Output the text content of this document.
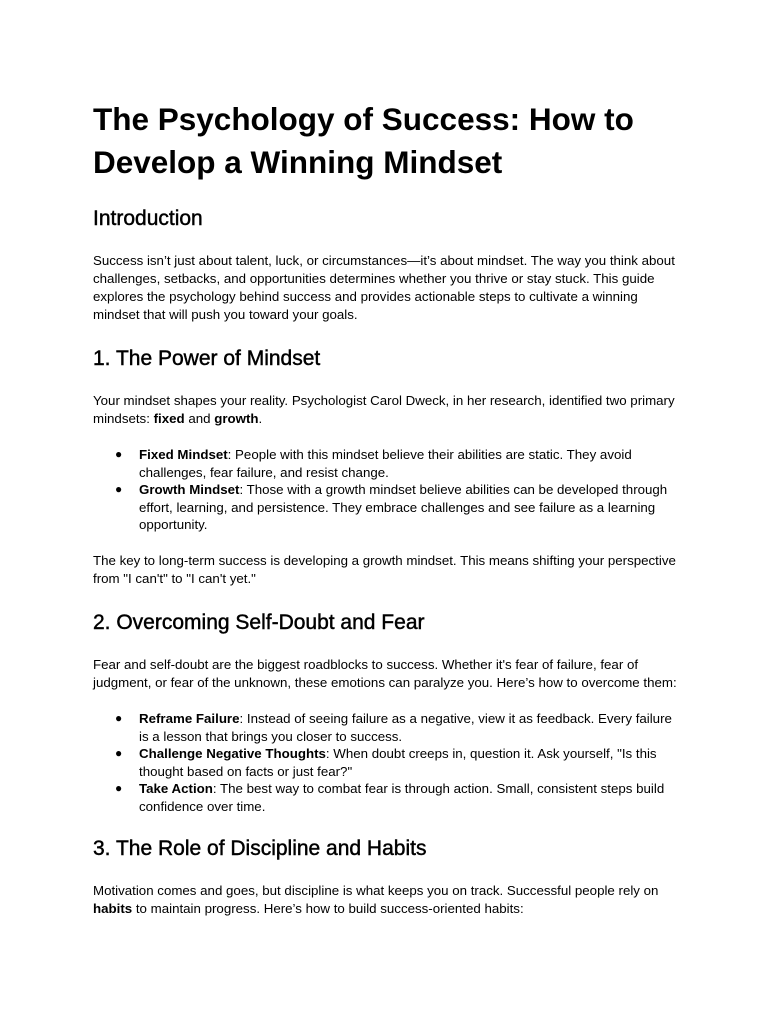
The Psychology of Success: How to Develop a Winning Mindset
Introduction

Success isn’t just about talent, luck, or circumstances—it’s about mindset. The way you think about challenges, setbacks, and opportunities determines whether you thrive or stay stuck. This guide explores the psychology behind success and provides actionable steps to cultivate a winning mindset that will push you toward your goals.

1. The Power of Mindset

Your mindset shapes your reality. Psychologist Carol Dweck, in her research, identified two primary mindsets: fixed and growth.

● Fixed Mindset: People with this mindset believe their abilities are static. They avoid challenges, fear failure, and resist change.
● Growth Mindset: Those with a growth mindset believe abilities can be developed through effort, learning, and persistence. They embrace challenges and see failure as a learning opportunity.

The key to long-term success is developing a growth mindset. This means shifting your perspective from "I can't" to "I can't yet."

2. Overcoming Self-Doubt and Fear

Fear and self-doubt are the biggest roadblocks to success. Whether it's fear of failure, fear of judgment, or fear of the unknown, these emotions can paralyze you. Here’s how to overcome them:

● Reframe Failure: Instead of seeing failure as a negative, view it as feedback. Every failure is a lesson that brings you closer to success.
● Challenge Negative Thoughts: When doubt creeps in, question it. Ask yourself, "Is this thought based on facts or just fear?"
● Take Action: The best way to combat fear is through action. Small, consistent steps build confidence over time.
3. The Role of Discipline and Habits

Motivation comes and goes, but discipline is what keeps you on track. Successful people rely on habits to maintain progress. Here’s how to build success-oriented habits:
